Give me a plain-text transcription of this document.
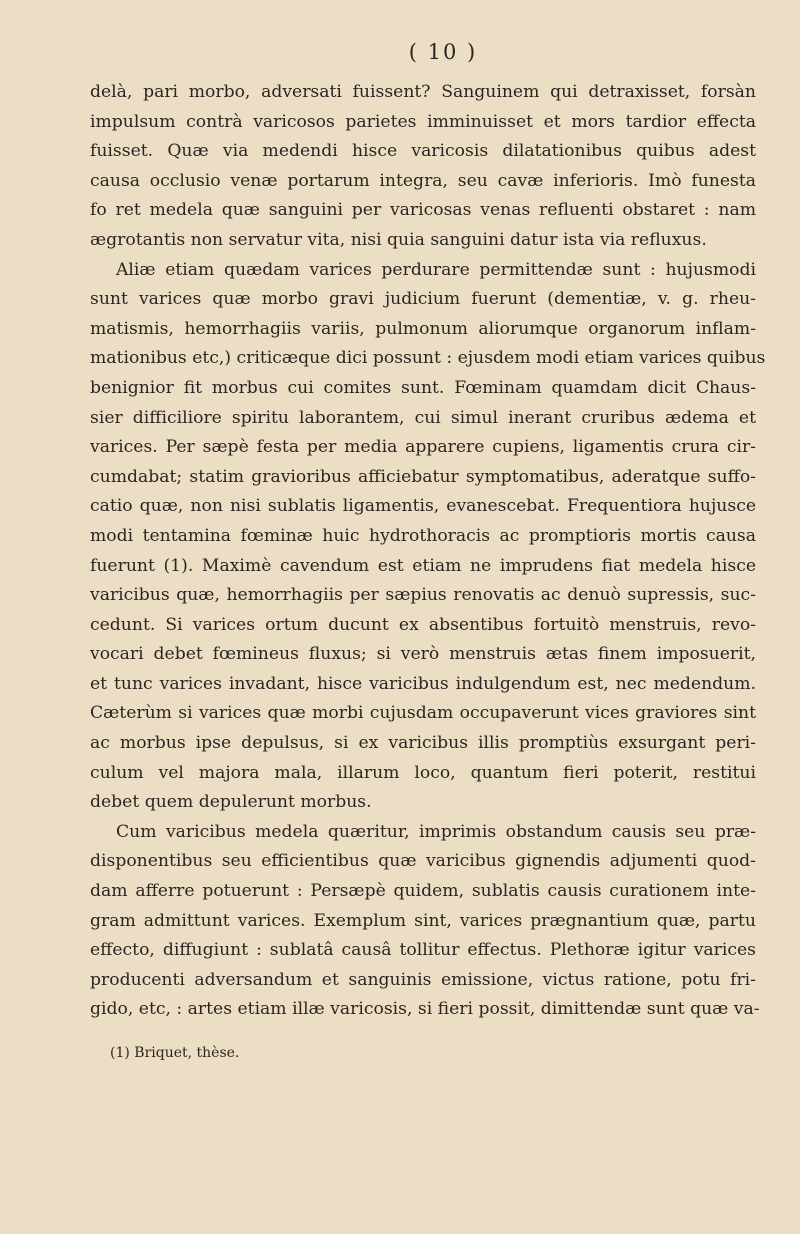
( 10 )
delà, pari morbo, adversati fuissent? Sanguinem qui detraxisset, forsàn
impulsum contrà varicosos parietes imminuisset et mors tardior effecta
fuisset. Quæ via medendi hisce varicosis dilatationibus quibus adest
causa occlusio venæ portarum integra, seu cavæ inferioris. Imò funesta
fo ret medela quæ sanguini per varicosas venas refluenti obstaret : nam
ægrotantis non servatur vita, nisi quia sanguini datur ista via refluxus.
Aliæ etiam quædam varices perdurare permittendæ sunt : hujusmodi
sunt varices quæ morbo gravi judicium fuerunt (dementiæ, v. g. rheu-
matismis, hemorrhagiis variis, pulmonum aliorumque organorum inflam-
mationibus etc,) criticæque dici possunt : ejusdem modi etiam varices quibus
benignior fit morbus cui comites sunt. Fœminam quamdam dicit Chaus-
sier difficiliore spiritu laborantem, cui simul inerant cruribus ædema et
varices. Per sæpè festa per media apparere cupiens, ligamentis crura cir-
cumdabat; statim gravioribus afficiebatur symptomatibus, aderatque suffo-
catio quæ, non nisi sublatis ligamentis, evanescebat. Frequentiora hujusce
modi tentamina fœminæ huic hydrothoracis ac promptioris mortis causa
fuerunt (1). Maximè cavendum est etiam ne imprudens fiat medela hisce
varicibus quæ, hemorrhagiis per sæpius renovatis ac denuò supressis, suc-
cedunt. Si varices ortum ducunt ex absentibus fortuitò menstruis, revo-
vocari debet fœmineus fluxus; si verò menstruis ætas finem imposuerit,
et tunc varices invadant, hisce varicibus indulgendum est, nec medendum.
Cæterùm si varices quæ morbi cujusdam occupaverunt vices graviores sint
ac morbus ipse depulsus, si ex varicibus illis promptiùs exsurgant peri-
culum vel majora mala, illarum loco, quantum fieri poterit, restitui
debet quem depulerunt morbus.
Cum varicibus medela quæritur, imprimis obstandum causis seu præ-
disponentibus seu efficientibus quæ varicibus gignendis adjumenti quod-
dam afferre potuerunt : Persæpè quidem, sublatis causis curationem inte-
gram admittunt varices. Exemplum sint, varices prægnantium quæ, partu
effecto, diffugiunt : sublatâ causâ tollitur effectus. Plethoræ igitur varices
producenti adversandum et sanguinis emissione, victus ratione, potu fri-
gido, etc, : artes etiam illæ varicosis, si fieri possit, dimittendæ sunt quæ va-
(1) Briquet, thèse.
